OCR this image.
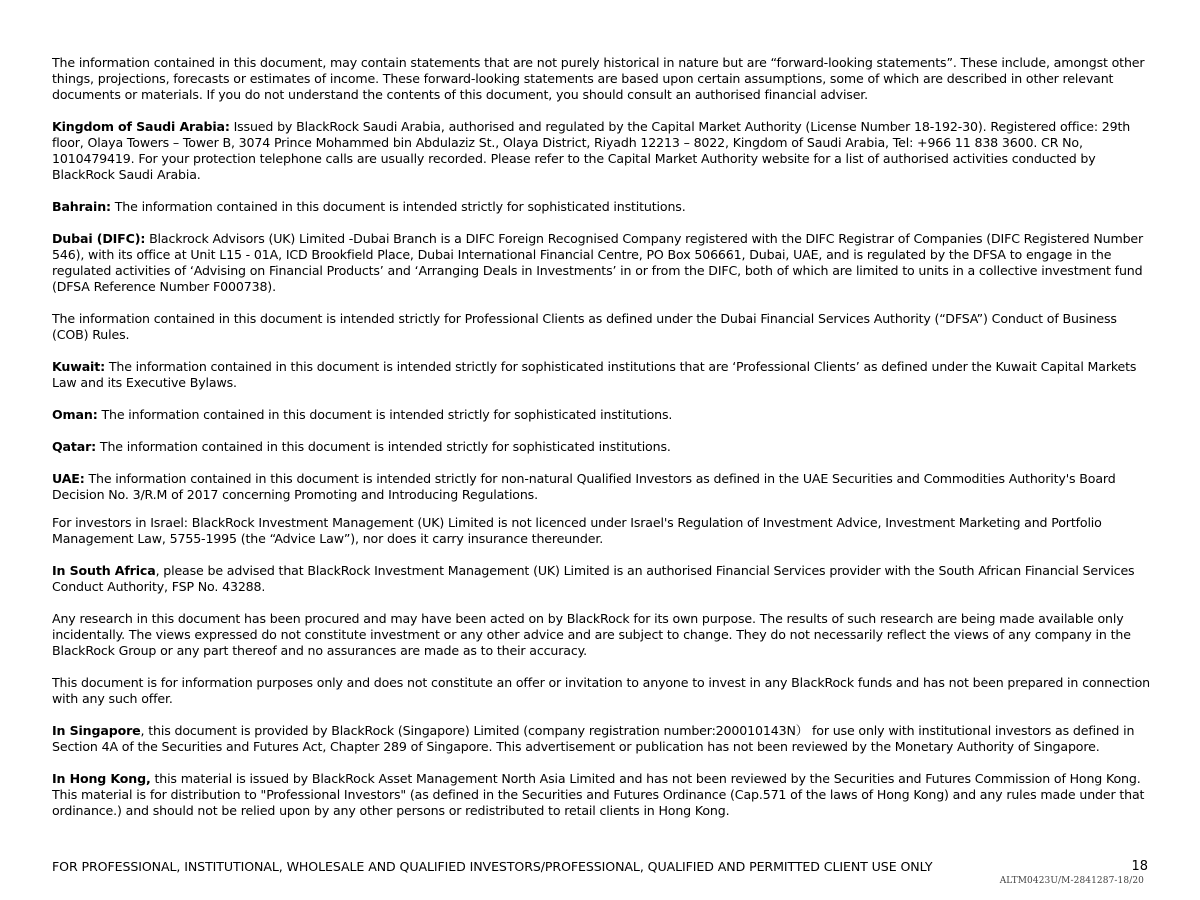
The information contained in this document, may contain statements that are not purely historical in nature but are “forward-looking statements”. These include, amongst other things, projections, forecasts or estimates of income. These forward-looking statements are based upon certain assumptions, some of which are described in other relevant documents or materials. If you do not understand the contents of this document, you should consult an authorised financial adviser.

Kingdom of Saudi Arabia: Issued by BlackRock Saudi Arabia, authorised and regulated by the Capital Market Authority (License Number 18-192-30). Registered office: 29th floor, Olaya Towers – Tower B, 3074 Prince Mohammed bin Abdulaziz St., Olaya District, Riyadh 12213 – 8022, Kingdom of Saudi Arabia, Tel: +966 11 838 3600. CR No, 1010479419. For your protection telephone calls are usually recorded. Please refer to the Capital Market Authority website for a list of authorised activities conducted by BlackRock Saudi Arabia.

Bahrain: The information contained in this document is intended strictly for sophisticated institutions.

Dubai (DIFC): Blackrock Advisors (UK) Limited -Dubai Branch is a DIFC Foreign Recognised Company registered with the DIFC Registrar of Companies (DIFC Registered Number 546), with its office at Unit L15 - 01A, ICD Brookfield Place, Dubai International Financial Centre, PO Box 506661, Dubai, UAE, and is regulated by the DFSA to engage in the regulated activities of ‘Advising on Financial Products’ and ‘Arranging Deals in Investments’ in or from the DIFC, both of which are limited to units in a collective investment fund (DFSA Reference Number F000738).

The information contained in this document is intended strictly for Professional Clients as defined under the Dubai Financial Services Authority (“DFSA”) Conduct of Business (COB) Rules.

Kuwait: The information contained in this document is intended strictly for sophisticated institutions that are ‘Professional Clients’ as defined under the Kuwait Capital Markets Law and its Executive Bylaws.

Oman: The information contained in this document is intended strictly for sophisticated institutions.

Qatar: The information contained in this document is intended strictly for sophisticated institutions.

UAE: The information contained in this document is intended strictly for non-natural Qualified Investors as defined in the UAE Securities and Commodities Authority's Board Decision No. 3/R.M of 2017 concerning Promoting and Introducing Regulations.

For investors in Israel: BlackRock Investment Management (UK) Limited is not licenced under Israel's Regulation of Investment Advice, Investment Marketing and Portfolio Management Law, 5755-1995 (the “Advice Law”), nor does it carry insurance thereunder.

In South Africa, please be advised that BlackRock Investment Management (UK) Limited is an authorised Financial Services provider with the South African Financial Services Conduct Authority, FSP No. 43288.

Any research in this document has been procured and may have been acted on by BlackRock for its own purpose. The results of such research are being made available only incidentally. The views expressed do not constitute investment or any other advice and are subject to change. They do not necessarily reflect the views of any company in the BlackRock Group or any part thereof and no assurances are made as to their accuracy.

This document is for information purposes only and does not constitute an offer or invitation to anyone to invest in any BlackRock funds and has not been prepared in connection with any such offer.

In Singapore, this document is provided by BlackRock (Singapore) Limited (company registration number:200010143N） for use only with institutional investors as defined in Section 4A of the Securities and Futures Act, Chapter 289 of Singapore. This advertisement or publication has not been reviewed by the Monetary Authority of Singapore.

In Hong Kong, this material is issued by BlackRock Asset Management North Asia Limited and has not been reviewed by the Securities and Futures Commission of Hong Kong. This material is for distribution to "Professional Investors" (as defined in the Securities and Futures Ordinance (Cap.571 of the laws of Hong Kong) and any rules made under that ordinance.) and should not be relied upon by any other persons or redistributed to retail clients in Hong Kong.

FOR PROFESSIONAL, INSTITUTIONAL, WHOLESALE AND QUALIFIED INVESTORS/PROFESSIONAL, QUALIFIED AND PERMITTED CLIENT USE ONLY	18
ALTM0423U/M-2841287-18/20
